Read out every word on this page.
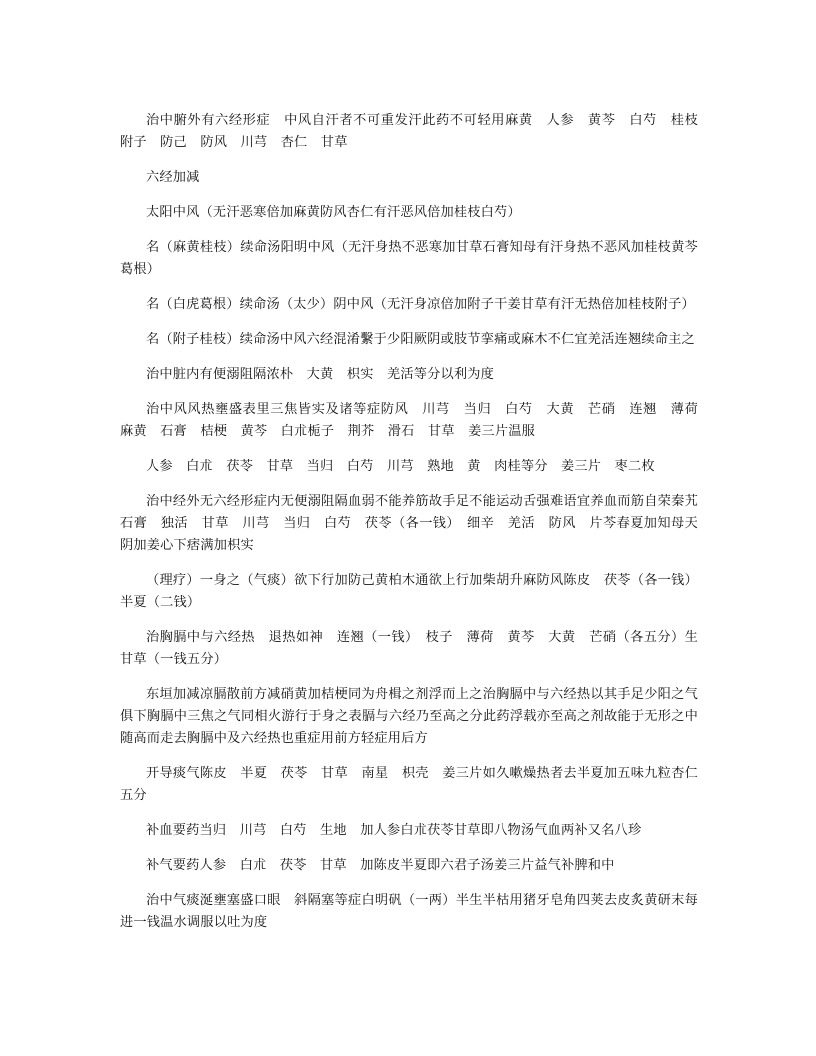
治中腑外有六经形症　中风自汗者不可重发汗此药不可轻用麻黄　人参　黄芩　白芍　桂枝　附子　防己　防风　川芎　杏仁　甘草

六经加减

太阳中风（无汗恶寒倍加麻黄防风杏仁有汗恶风倍加桂枝白芍）

名（麻黄桂枝）续命汤阳明中风（无汗身热不恶寒加甘草石膏知母有汗身热不恶风加桂枝黄芩葛根）

名（白虎葛根）续命汤（太少）阴中风（无汗身凉倍加附子干姜甘草有汗无热倍加桂枝附子）

名（附子桂枝）续命汤中风六经混淆繫于少阳厥阴或肢节挛痛或麻木不仁宜羌活连翘续命主之

治中脏内有便溺阻隔浓朴　大黄　枳实　羌活等分以利为度

治中风风热壅盛表里三焦皆实及诸等症防风　川芎　当归　白芍　大黄　芒硝　连翘　薄荷　麻黄　石膏　桔梗　黄芩　白朮栀子　荆芥　滑石　甘草　姜三片温服

人参　白朮　茯苓　甘草　当归　白芍　川芎　熟地　黄　肉桂等分　姜三片　枣二枚

治中经外无六经形症内无便溺阻隔血弱不能养筋故手足不能运动舌强难语宜养血而筋自荣秦艽　石膏　独活　甘草　川芎　当归　白芍　茯苓（各一钱）　细辛　羌活　防风　片芩春夏加知母天阴加姜心下痞满加枳实

（理疗）一身之（气痰）欲下行加防己黄柏木通欲上行加柴胡升麻防风陈皮　茯苓（各一钱）半夏（二钱）

治胸膈中与六经热　退热如神　连翘（一钱）　枝子　薄荷　黄芩　大黄　芒硝（各五分）生甘草（一钱五分）

东垣加减凉膈散前方减硝黄加桔梗同为舟楫之剂浮而上之治胸膈中与六经热以其手足少阳之气俱下胸膈中三焦之气同相火游行于身之表膈与六经乃至高之分此药浮载亦至高之剂故能于无形之中随高而走去胸膈中及六经热也重症用前方轻症用后方

开导痰气陈皮　半夏　茯苓　甘草　南星　枳壳　姜三片如久嗽燥热者去半夏加五味九粒杏仁五分

补血要药当归　川芎　白芍　生地　加人参白朮茯苓甘草即八物汤气血两补又名八珍

补气要药人参　白朮　茯苓　甘草　加陈皮半夏即六君子汤姜三片益气补脾和中

治中气痰涎壅塞盛口眼　斜隔塞等症白明矾（一两）半生半枯用猪牙皂角四荚去皮炙黄研末每进一钱温水调服以吐为度
